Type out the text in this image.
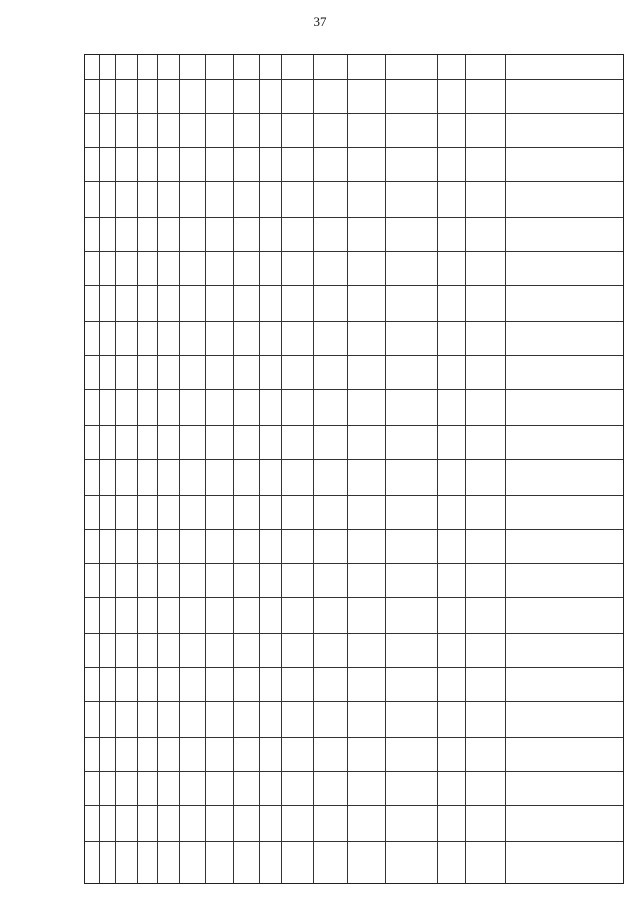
37
